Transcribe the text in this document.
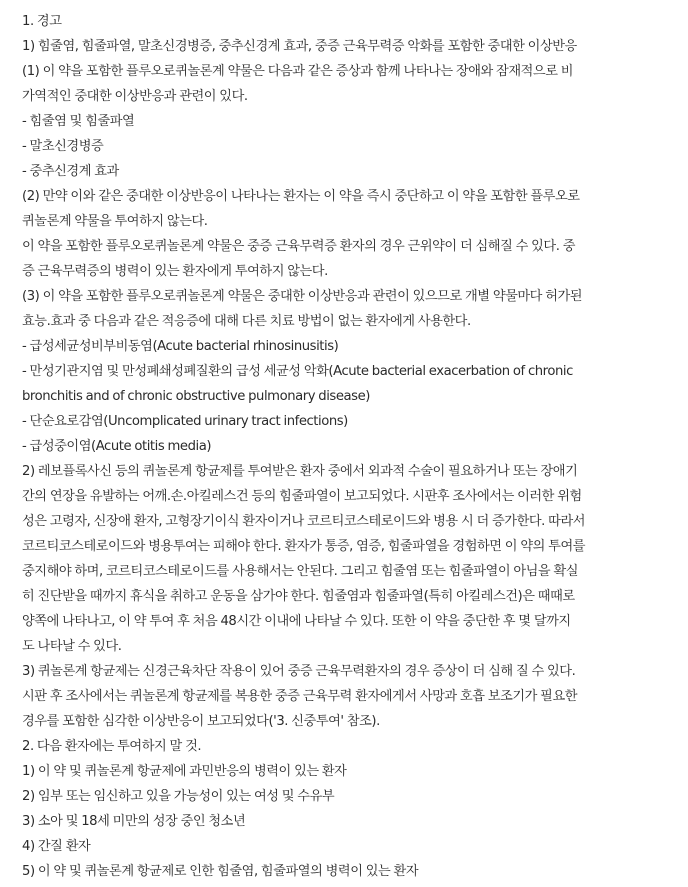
1. 경고
1) 힘줄염, 힘줄파열, 말초신경병증, 중추신경계 효과, 중증 근육무력증 악화를 포함한 중대한 이상반응
(1) 이 약을 포함한 플루오로퀴놀론계 약물은 다음과 같은 증상과 함께 나타나는 장애와 잠재적으로 비
가역적인 중대한 이상반응과 관련이 있다.
- 힘줄염 및 힘줄파열
- 말초신경병증
- 중추신경계 효과
(2) 만약 이와 같은 중대한 이상반응이 나타나는 환자는 이 약을 즉시 중단하고 이 약을 포함한 플루오로
퀴놀론계 약물을 투여하지 않는다.
이 약을 포함한 플루오로퀴놀론계 약물은 중증 근육무력증 환자의 경우 근위약이 더 심해질 수 있다. 중
증 근육무력증의 병력이 있는 환자에게 투여하지 않는다.
(3) 이 약을 포함한 플루오로퀴놀론계 약물은 중대한 이상반응과 관련이 있으므로 개별 약물마다 허가된
효능.효과 중 다음과 같은 적응증에 대해 다른 치료 방법이 없는 환자에게 사용한다.
- 급성세균성비부비동염(Acute bacterial rhinosinusitis)
- 만성기관지염 및 만성폐쇄성폐질환의 급성 세균성 악화(Acute bacterial exacerbation of chronic
bronchitis and of chronic obstructive pulmonary disease)
- 단순요로감염(Uncomplicated urinary tract infections)
- 급성중이염(Acute otitis media)
2) 레보플록사신 등의 퀴놀론계 항균제를 투여받은 환자 중에서 외과적 수술이 필요하거나 또는 장애기
간의 연장을 유발하는 어깨.손.아킬레스건 등의 힘줄파열이 보고되었다. 시판후 조사에서는 이러한 위험
성은 고령자, 신장애 환자, 고형장기이식 환자이거나 코르티코스테로이드와 병용 시 더 증가한다. 따라서
코르티코스테로이드와 병용투여는 피해야 한다. 환자가 통증, 염증, 힘줄파열을 경험하면 이 약의 투여를
중지해야 하며, 코르티코스테로이드를 사용해서는 안된다. 그리고 힘줄염 또는 힘줄파열이 아님을 확실
히 진단받을 때까지 휴식을 취하고 운동을 삼가야 한다. 힘줄염과 힘줄파열(특히 아킬레스건)은 때때로
양쪽에 나타나고, 이 약 투여 후 처음 48시간 이내에 나타날 수 있다. 또한 이 약을 중단한 후 몇 달까지
도 나타날 수 있다.
3) 퀴놀론계 항균제는 신경근육차단 작용이 있어 중증 근육무력환자의 경우 증상이 더 심해 질 수 있다.
시판 후 조사에서는 퀴놀론계 항균제를 복용한 중증 근육무력 환자에게서 사망과 호흡 보조기가 필요한
경우를 포함한 심각한 이상반응이 보고되었다('3. 신중투여' 참조).
2. 다음 환자에는 투여하지 말 것.
1) 이 약 및 퀴놀론계 항균제에 과민반응의 병력이 있는 환자
2) 임부 또는 임신하고 있을 가능성이 있는 여성 및 수유부
3) 소아 및 18세 미만의 성장 중인 청소년
4) 간질 환자
5) 이 약 및 퀴놀론계 항균제로 인한 힘줄염, 힘줄파열의 병력이 있는 환자
